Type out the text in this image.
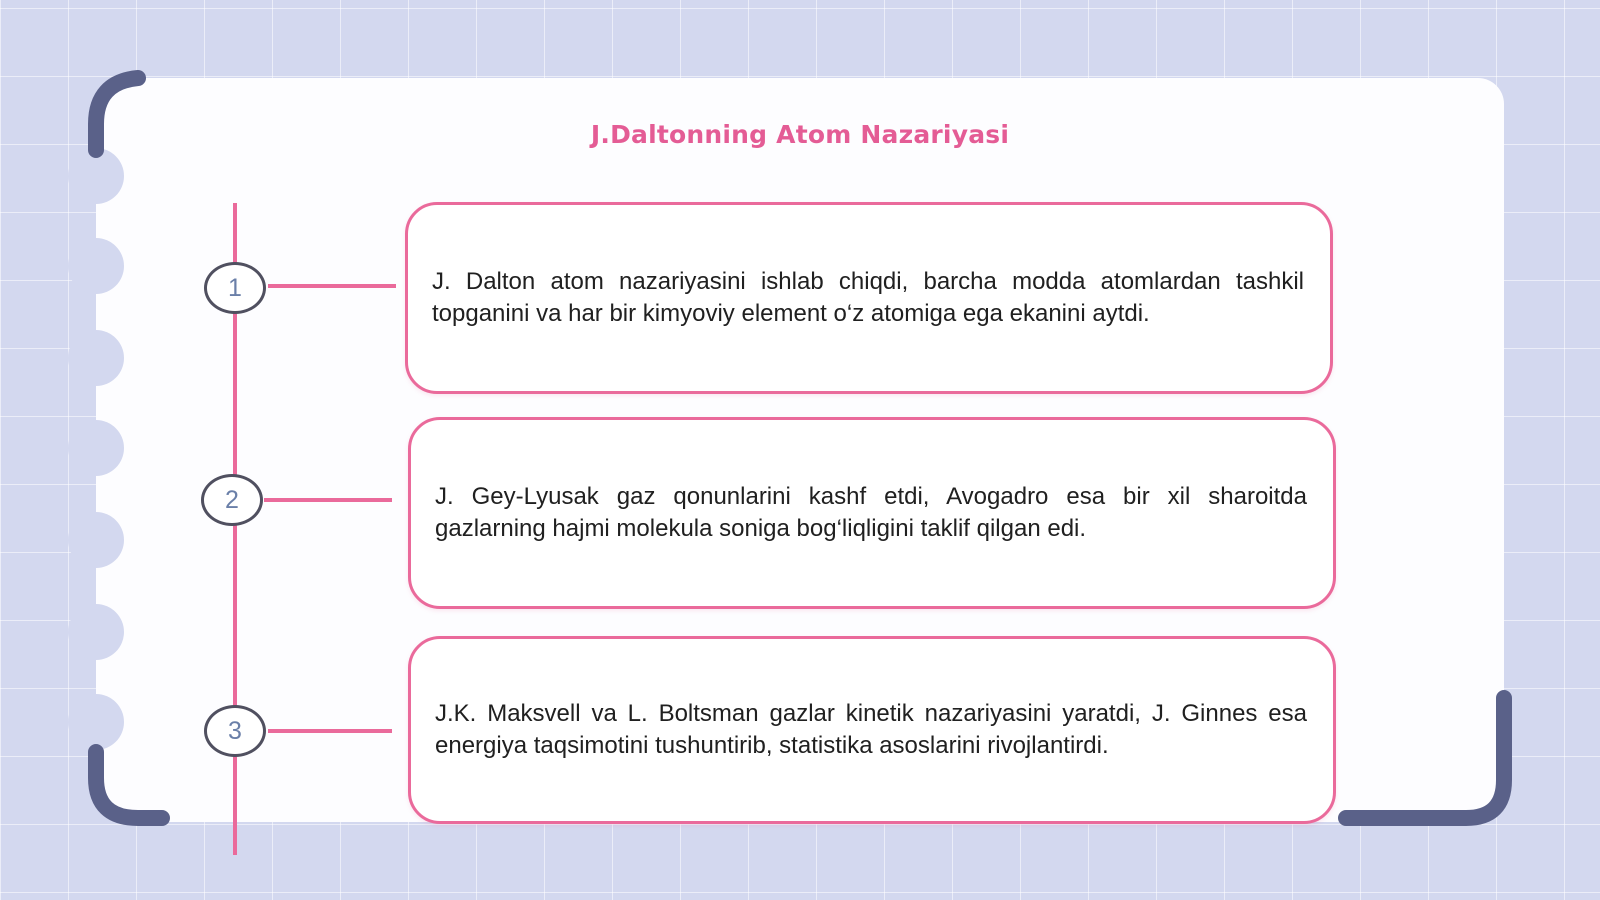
J.Daltonning Atom Nazariyasi
1
2
3

J. Dalton atom nazariyasini ishlab chiqdi, barcha modda atomlardan tashkil topganini va har bir kimyoviy element o‘z atomiga ega ekanini aytdi.

J. Gey-Lyusak gaz qonunlarini kashf etdi, Avogadro esa bir xil sharoitda gazlarning hajmi molekula soniga bog‘liqligini taklif qilgan edi.

J.K. Maksvell va L. Boltsman gazlar kinetik nazariyasini yaratdi, J. Ginnes esa energiya taqsimotini tushuntirib, statistika asoslarini rivojlantirdi.
